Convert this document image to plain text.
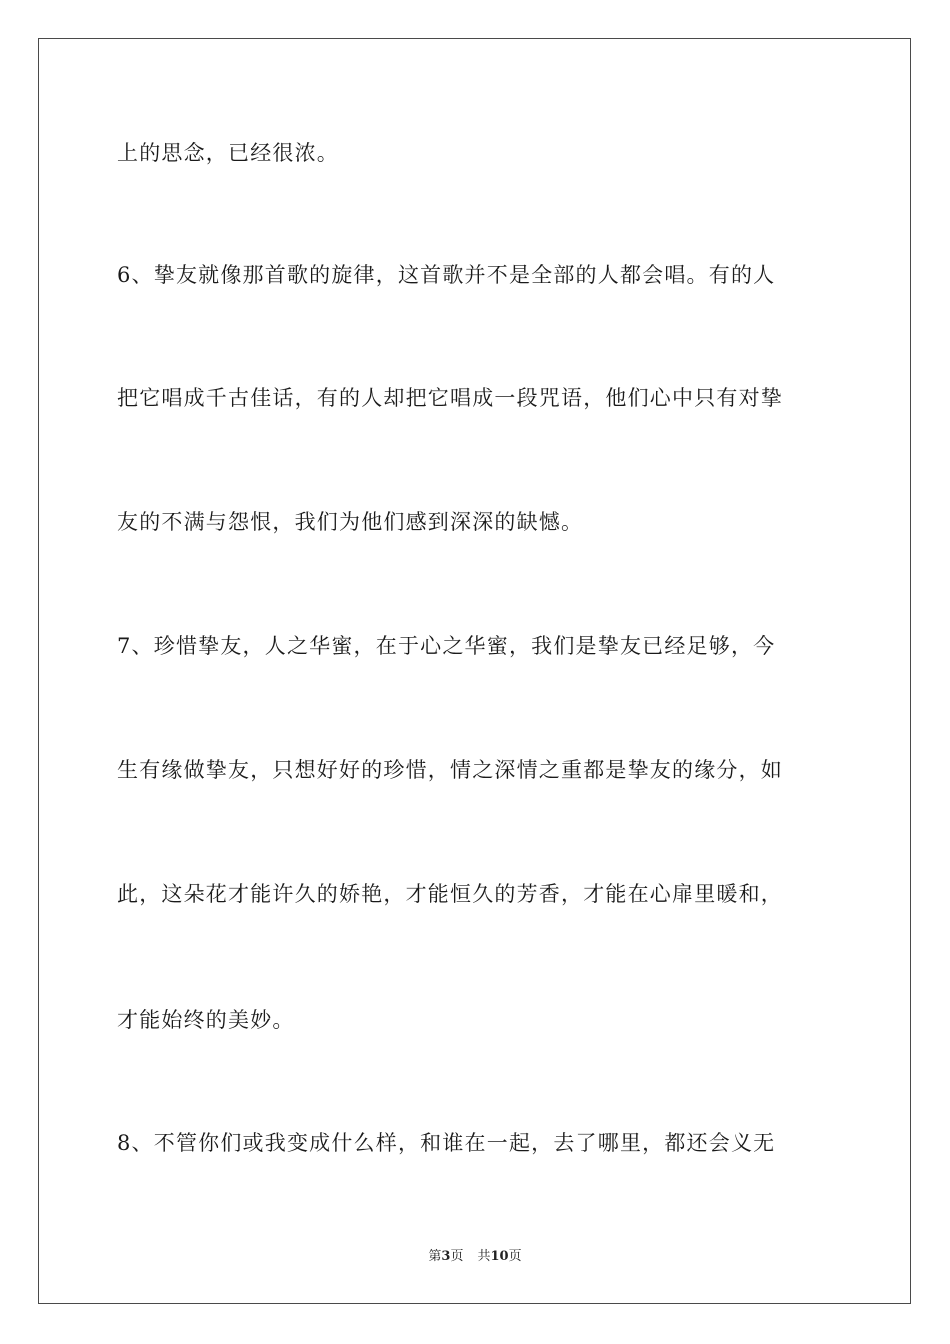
上的思念，已经很浓。
6、挚友就像那首歌的旋律，这首歌并不是全部的人都会唱。有的人
把它唱成千古佳话，有的人却把它唱成一段咒语，他们心中只有对挚
友的不满与怨恨，我们为他们感到深深的缺憾。
7、珍惜挚友，人之华蜜，在于心之华蜜，我们是挚友已经足够，今
生有缘做挚友，只想好好的珍惜，情之深情之重都是挚友的缘分，如
此，这朵花才能许久的娇艳，才能恒久的芳香，才能在心扉里暖和，
才能始终的美妙。
8、不管你们或我变成什么样，和谁在一起，去了哪里，都还会义无
第3页 共10页
